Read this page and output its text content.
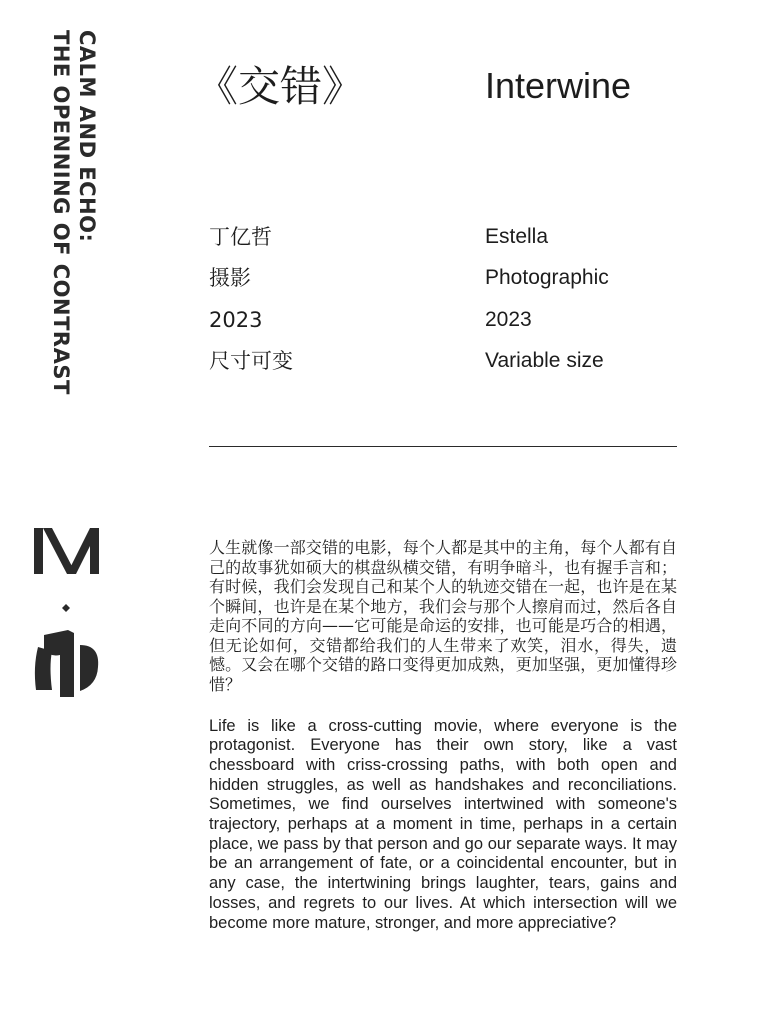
CALM AND ECHO:
THE OPENNING OF CONTRAST	《交错》	Interwine
丁亿哲
摄影
2023
尺寸可变
Estella
Photographic
2023
Variable size

人生就像一部交错的电影，每个人都是其中的主角，每个人都有自己的故事犹如硕大的棋盘纵横交错，有明争暗斗，也有握手言和；有时候，我们会发现自己和某个人的轨迹交错在一起，也许是在某个瞬间，也许是在某个地方，我们会与那个人擦肩而过，然后各自走向不同的方向——它可能是命运的安排，也可能是巧合的相遇，但无论如何，交错都给我们的人生带来了欢笑，泪水，得失，遗憾。又会在哪个交错的路口变得更加成熟，更加坚强，更加懂得珍惜？

Life is like a cross-cutting movie, where everyone is the protagonist. Everyone has their own story, like a vast chessboard with criss-crossing paths, with both open and hidden struggles, as well as handshakes and reconciliations. Sometimes, we find ourselves intertwined with someone's trajectory, perhaps at a moment in time, perhaps in a certain place, we pass by that person and go our separate ways. It may be an arrangement of fate, or a coincidental encounter, but in any case, the intertwining brings laughter, tears, gains and losses, and regrets to our lives. At which intersection will we become more mature, stronger, and more appreciative?
